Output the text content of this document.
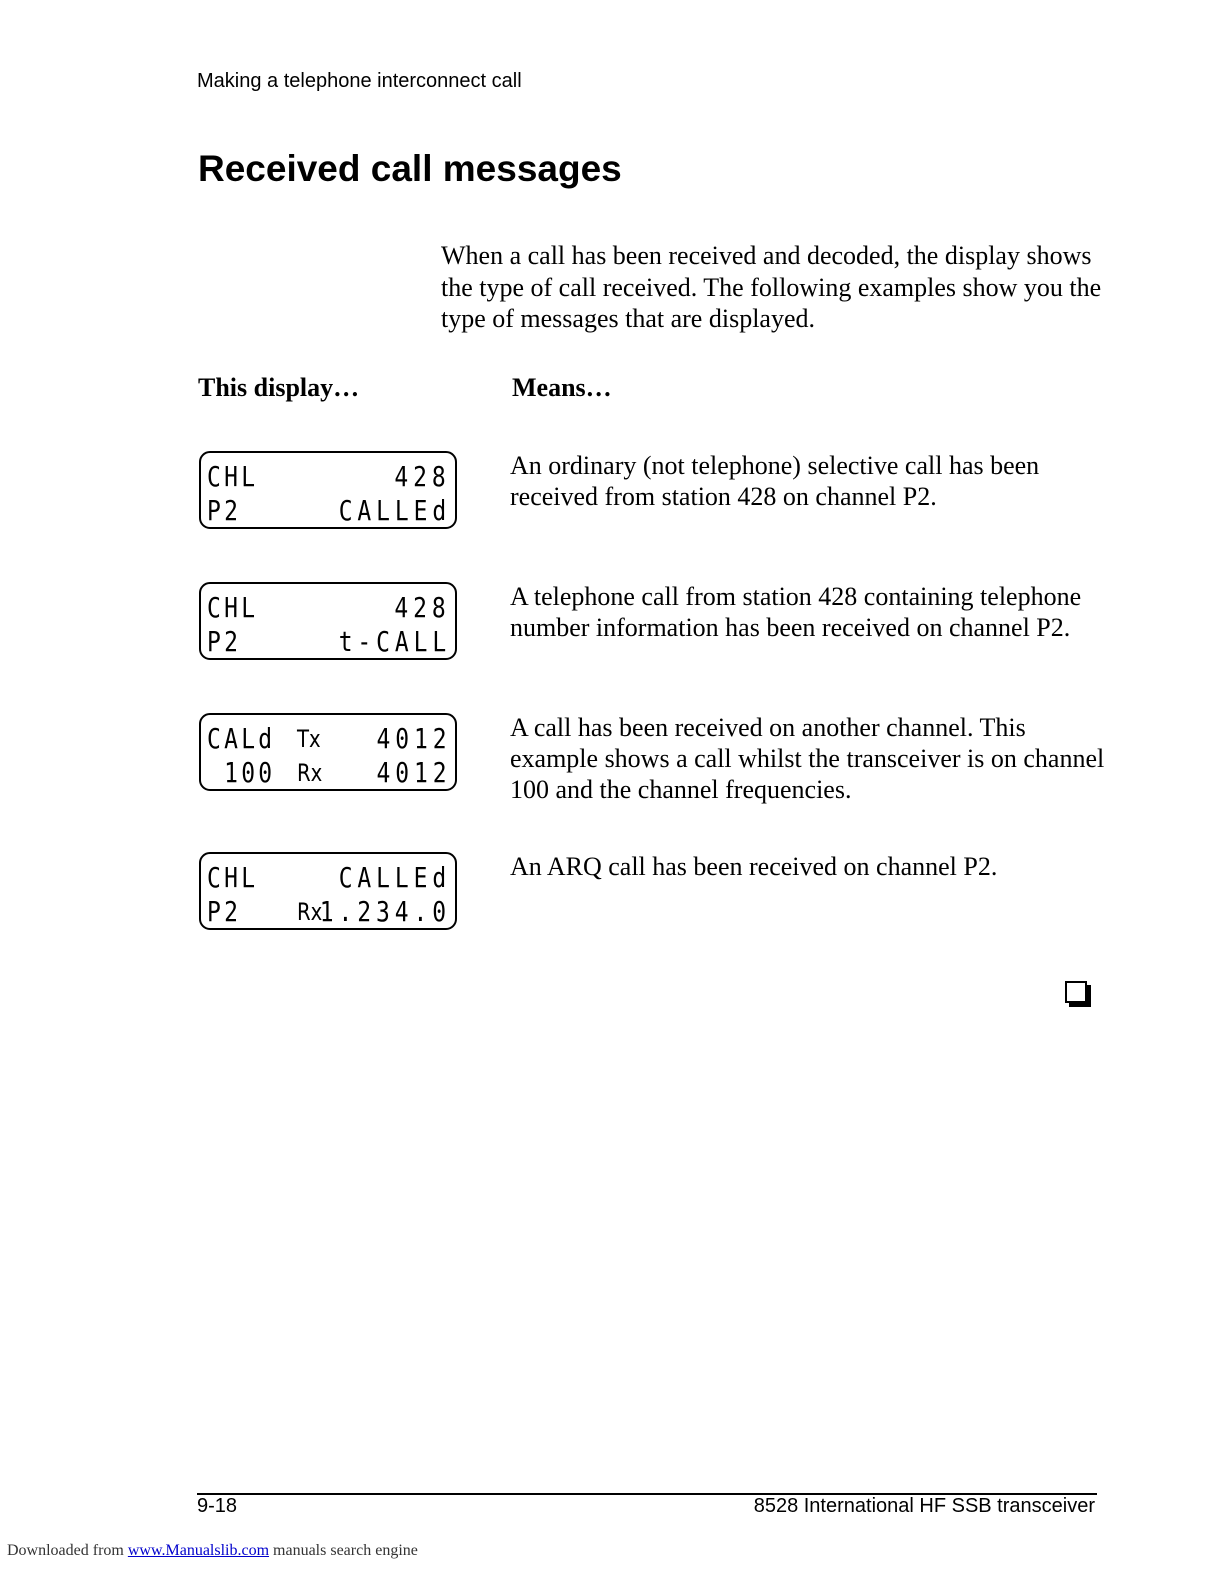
Making a telephone interconnect call
Received call messages

When a call has been received and decoded, the display shows the type of call received. The following examples show you the type of messages that are displayed.

This display…	Means…
CHL	428
P2	CALLEd

An ordinary (not telephone) selective call has been received from station 428 on channel P2.

CHL	428
P2	t-CALL

A telephone call from station 428 containing telephone number information has been received on channel P2.

CALd Tx 4012
100 Rx 4012

A call has been received on another channel. This example shows a call whilst the transceiver is on channel 100 and the channel frequencies.

CHL	CALLEd
P2 Rx
1.234.0

An ARQ call has been received on channel P2.

9-18	8528 International HF SSB transceiver
Downloaded from www.Manualslib.com manuals search engine
